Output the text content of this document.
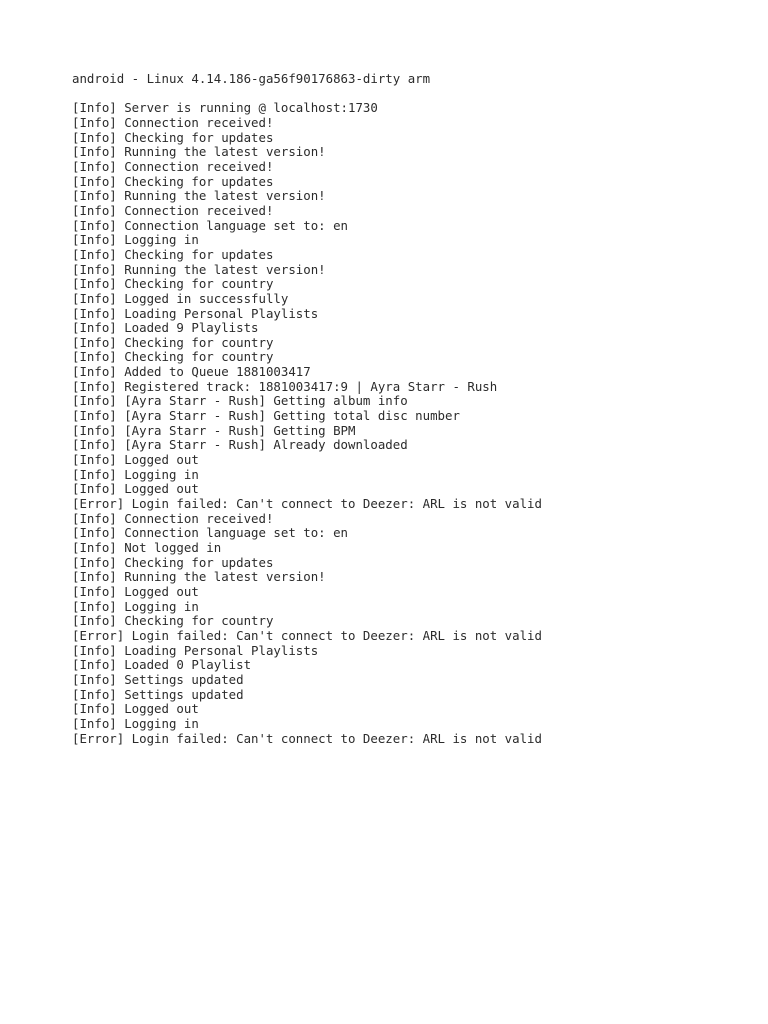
android - Linux 4.14.186-ga56f90176863-dirty arm

[Info] Server is running @ localhost:1730
[Info] Connection received!
[Info] Checking for updates
[Info] Running the latest version!
[Info] Connection received!
[Info] Checking for updates
[Info] Running the latest version!
[Info] Connection received!
[Info] Connection language set to: en
[Info] Logging in
[Info] Checking for updates
[Info] Running the latest version!
[Info] Checking for country
[Info] Logged in successfully
[Info] Loading Personal Playlists
[Info] Loaded 9 Playlists
[Info] Checking for country
[Info] Checking for country
[Info] Added to Queue 1881003417
[Info] Registered track: 1881003417:9 | Ayra Starr - Rush
[Info] [Ayra Starr - Rush] Getting album info
[Info] [Ayra Starr - Rush] Getting total disc number
[Info] [Ayra Starr - Rush] Getting BPM
[Info] [Ayra Starr - Rush] Already downloaded
[Info] Logged out
[Info] Logging in
[Info] Logged out
[Error] Login failed: Can't connect to Deezer: ARL is not valid
[Info] Connection received!
[Info] Connection language set to: en
[Info] Not logged in
[Info] Checking for updates
[Info] Running the latest version!
[Info] Logged out
[Info] Logging in
[Info] Checking for country
[Error] Login failed: Can't connect to Deezer: ARL is not valid
[Info] Loading Personal Playlists
[Info] Loaded 0 Playlist
[Info] Settings updated
[Info] Settings updated
[Info] Logged out
[Info] Logging in
[Error] Login failed: Can't connect to Deezer: ARL is not valid
